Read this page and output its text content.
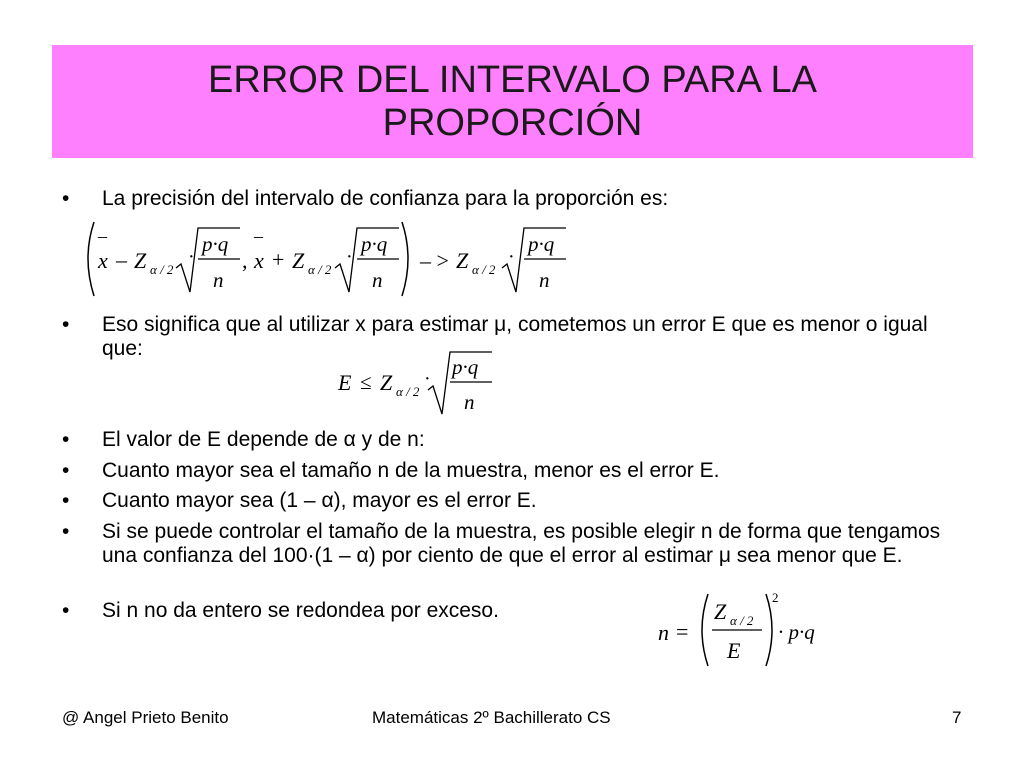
ERROR DEL INTERVALO PARA LA PROPORCIÓN

• La precisión del intervalo de confianza para la proporción es:

–
x – Z α / 2
·
p·q
n
,
–
x + Z α / 2
·
p·q
n
– > Z α / 2
·
p·q
n

• Eso significa que al utilizar x para estimar μ, cometemos un error E que es menor o igual que:

E ≤ Z α / 2
· p·q
n

• El valor de E depende de α y de n:

• Cuanto mayor sea el tamaño n de la muestra, menor es el error E.

• Cuanto mayor sea (1 – α), mayor es el error E.

• Si se puede controlar el tamaño de la muestra, es posible elegir n de forma que tengamos una confianza del 100·(1 – α) por ciento de que el error al estimar μ sea menor que E.

• Si n no da entero se redondea por exceso.

n =
Z α / 2
E
2
· p·q
@ Angel Prieto Benito	Matemáticas 2º Bachillerato CS	7
